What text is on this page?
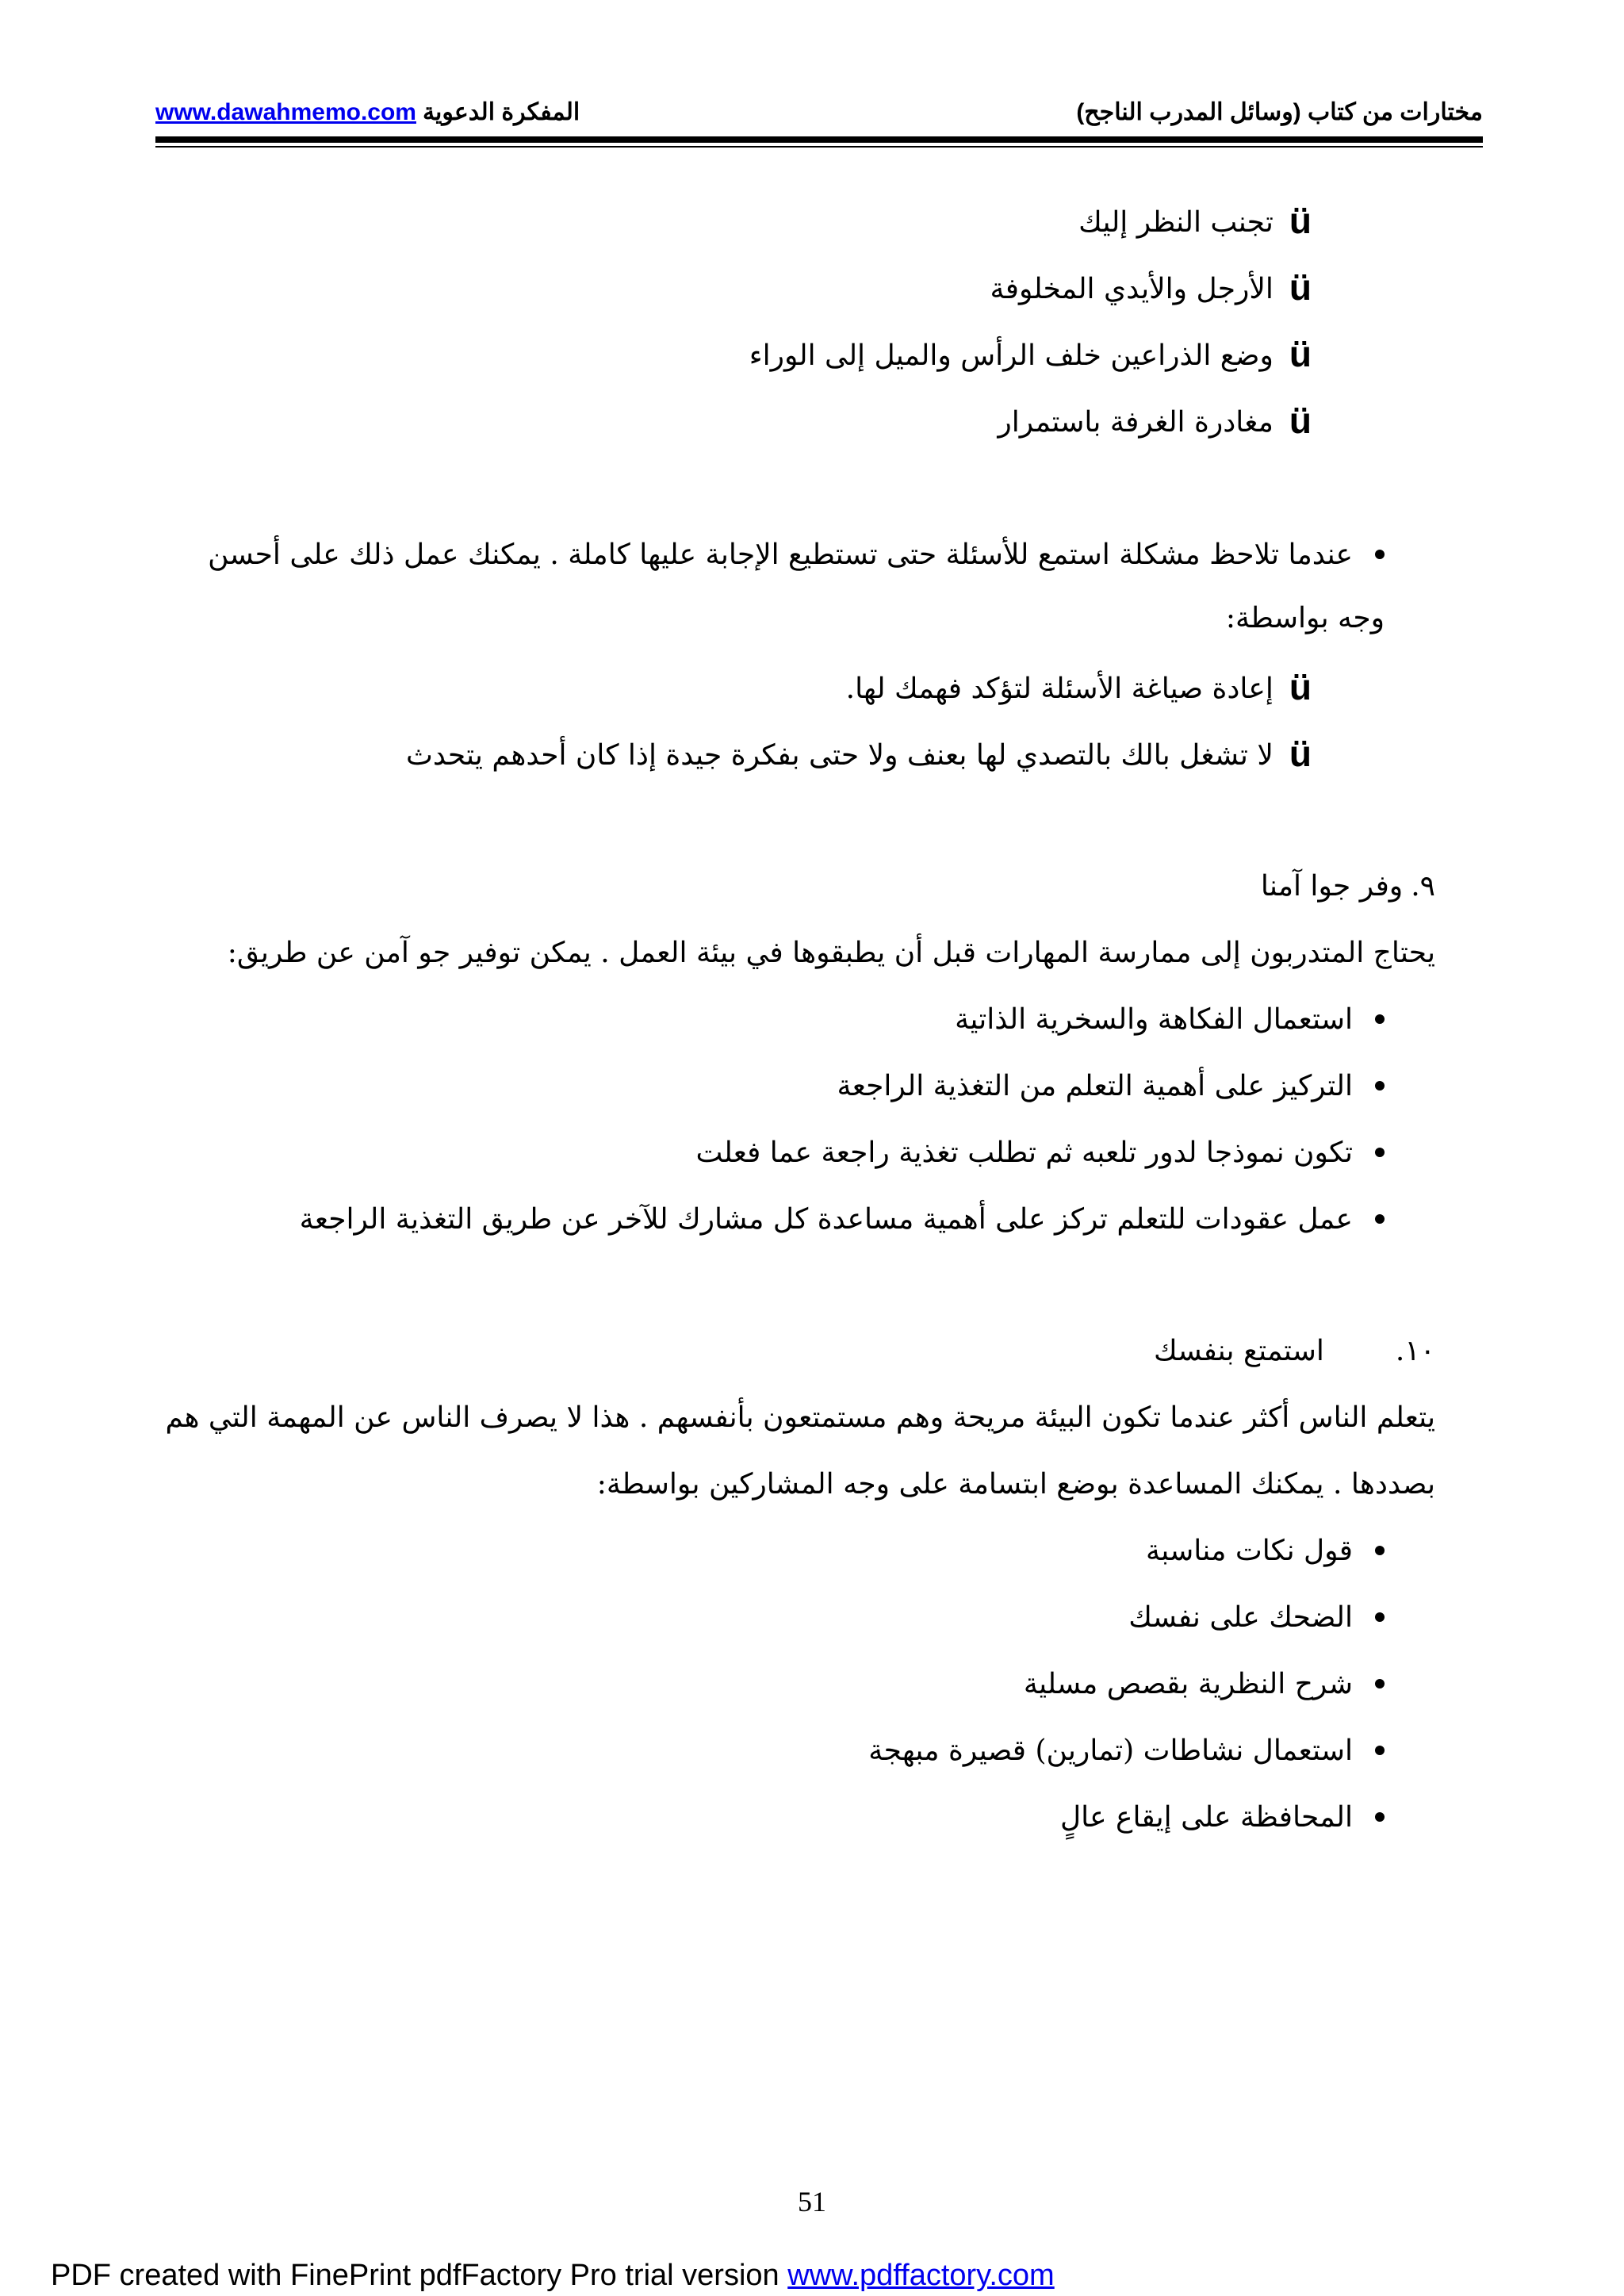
www.dawahmemo.com المفكرة الدعوية	مختارات من كتاب (وسائل المدرب الناجح)
üتجنب النظر إليك
üالأرجل والأيدي المخلوفة
üوضع الذراعين خلف الرأس والميل إلى الوراء
üمغادرة الغرفة باستمرار
عندما تلاحظ مشكلة استمع للأسئلة حتى تستطيع الإجابة عليها كاملة . يمكنك عمل ذلك على أحسن
وجه بواسطة:
üإعادة صياغة الأسئلة لتؤكد فهمك لها.
üلا تشغل بالك بالتصدي لها بعنف ولا حتى بفكرة جيدة إذا كان أحدهم يتحدث
٩.وفر جوا آمنا
يحتاج المتدربون إلى ممارسة المهارات قبل أن يطبقوها في بيئة العمل . يمكن توفير جو آمن عن طريق:
استعمال الفكاهة والسخرية الذاتية
التركيز على أهمية التعلم من التغذية الراجعة
تكون نموذجا لدور تلعبه ثم تطلب تغذية راجعة عما فعلت
عمل عقودات للتعلم تركز على أهمية مساعدة كل مشارك للآخر عن طريق التغذية الراجعة
١٠.استمتع بنفسك
يتعلم الناس أكثر عندما تكون البيئة مريحة وهم مستمتعون بأنفسهم . هذا لا يصرف الناس عن المهمة التي هم
بصددها . يمكنك المساعدة بوضع ابتسامة على وجه المشاركين بواسطة:
قول نكات مناسبة
الضحك على نفسك
شرح النظرية بقصص مسلية
استعمال نشاطات (تمارين) قصيرة مبهجة
المحافظة على إيقاع عالٍ
51
PDF created with FinePrint pdfFactory Pro trial version www.pdffactory.com
